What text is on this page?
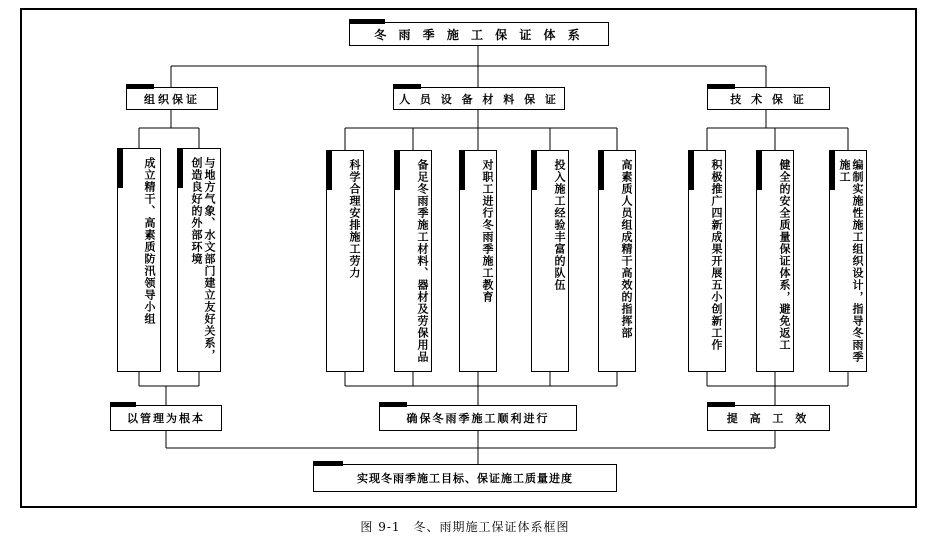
冬 雨 季 施 工 保 证 体 系
组织保证	人 员 设 备 材 料 保 证	技 术 保 证
成立精干、高素质防汛领导小组	与地方气象、水文部门建立友好关系，创造良好的外部环境	科学合理安排施工劳力	备足冬雨季施工材料、器材及劳保用品	对职工进行冬雨季施工教育	投入施工经验丰富的队伍	高素质人员组成精干高效的指挥部	积极推广四新成果开展五小创新工作	健全的安全质量保证体系，避免返工	编制实施性施工组织设计，指导冬雨季施工
以管理为根本	确保冬雨季施工顺利进行	提 高 工 效
实现冬雨季施工目标、保证施工质量进度
图 9-1　冬、雨期施工保证体系框图
